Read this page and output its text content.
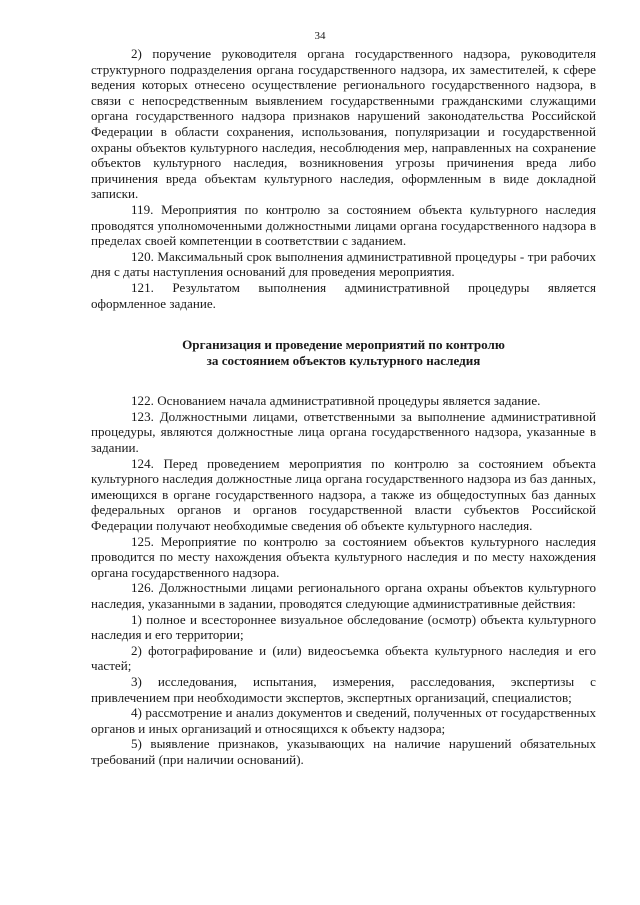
34

2) поручение руководителя органа государственного надзора, руководителя структурного подразделения органа государственного надзора, их заместителей, к сфере ведения которых отнесено осуществление регионального государственного надзора, в связи с непосредственным выявлением государственными гражданскими служащими органа государственного надзора признаков нарушений законодательства Российской Федерации в области сохранения, использования, популяризации и государственной охраны объектов культурного наследия, несоблюдения мер, направленных на сохранение объектов культурного наследия, возникновения угрозы причинения вреда либо причинения вреда объектам культурного наследия, оформленным в виде докладной записки.

119. Мероприятия по контролю за состоянием объекта культурного наследия проводятся уполномоченными должностными лицами органа государственного надзора в пределах своей компетенции в соответствии с заданием.

120. Максимальный срок выполнения административной процедуры - три рабочих дня с даты наступления оснований для проведения мероприятия.

121. Результатом выполнения административной процедуры является оформленное задание.

Организация и проведение мероприятий по контролю
за состоянием объектов культурного наследия

122. Основанием начала административной процедуры является задание.

123. Должностными лицами, ответственными за выполнение административной процедуры, являются должностные лица органа государственного надзора, указанные в задании.

124. Перед проведением мероприятия по контролю за состоянием объекта культурного наследия должностные лица органа государственного надзора из баз данных, имеющихся в органе государственного надзора, а также из общедоступных баз данных федеральных органов и органов государственной власти субъектов Российской Федерации получают необходимые сведения об объекте культурного наследия.

125. Мероприятие по контролю за состоянием объектов культурного наследия проводится по месту нахождения объекта культурного наследия и по месту нахождения органа государственного надзора.

126. Должностными лицами регионального органа охраны объектов культурного наследия, указанными в задании, проводятся следующие административные действия:

1) полное и всестороннее визуальное обследование (осмотр) объекта культурного наследия и его территории;

2) фотографирование и (или) видеосъемка объекта культурного наследия и его частей;

3) исследования, испытания, измерения, расследования, экспертизы с привлечением при необходимости экспертов, экспертных организаций, специалистов;

4) рассмотрение и анализ документов и сведений, полученных от государственных органов и иных организаций и относящихся к объекту надзора;

5) выявление признаков, указывающих на наличие нарушений обязательных требований (при наличии оснований).
